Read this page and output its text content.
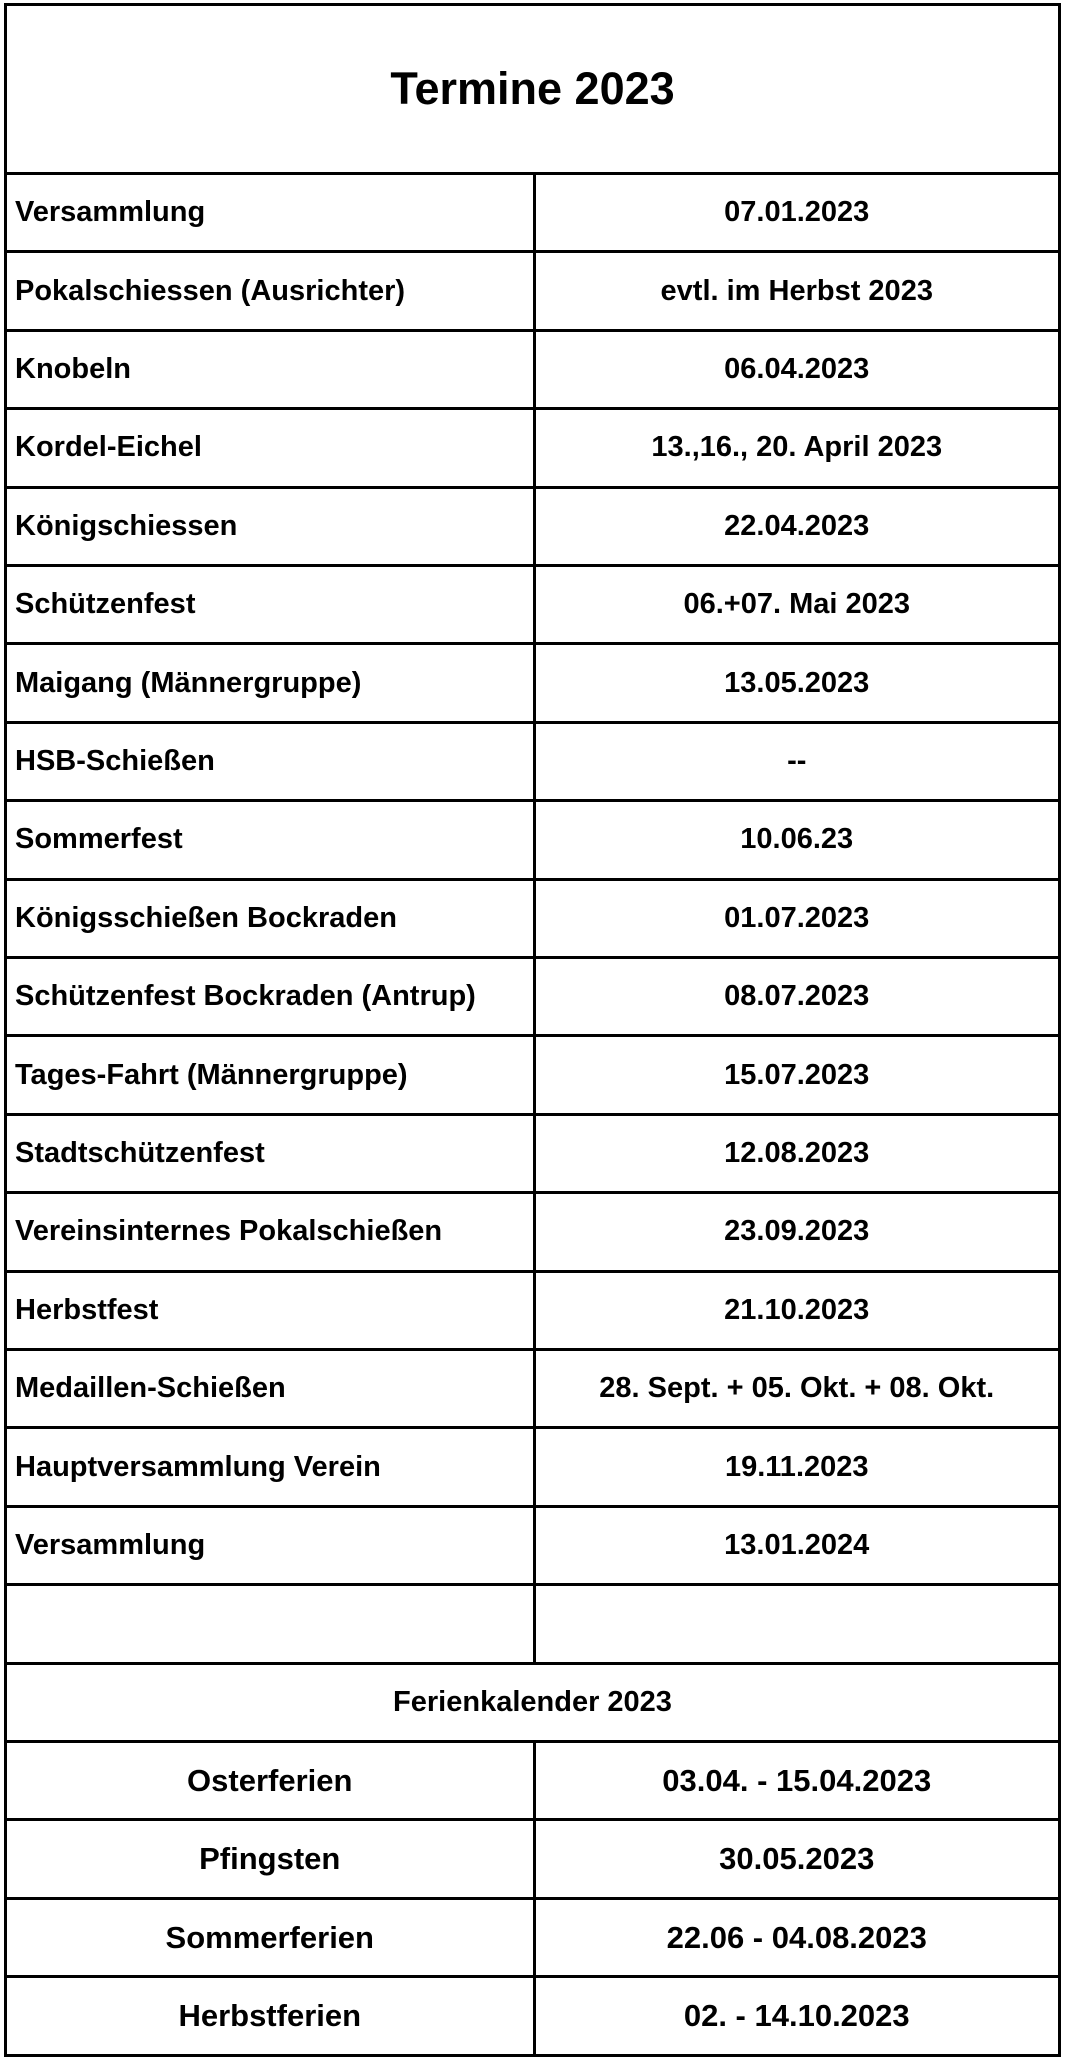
Termine 2023	
Versammlung	07.01.2023
Pokalschiessen (Ausrichter)	evtl. im Herbst 2023
Knobeln	06.04.2023
Kordel-Eichel	13.,16., 20. April 2023
Königschiessen	22.04.2023
Schützenfest	06.+07. Mai 2023
Maigang (Männergruppe)	13.05.2023
HSB-Schießen	--
Sommerfest	10.06.23
Königsschießen Bockraden	01.07.2023
Schützenfest Bockraden (Antrup)	08.07.2023
Tages-Fahrt (Männergruppe)	15.07.2023
Stadtschützenfest	12.08.2023
Vereinsinternes Pokalschießen	23.09.2023
Herbstfest	21.10.2023
Medaillen-Schießen	28. Sept. + 05. Okt. + 08. Okt.
Hauptversammlung Verein	19.11.2023
Versammlung	13.01.2024

Ferienkalender 2023	
Osterferien	03.04. - 15.04.2023
Pfingsten	30.05.2023
Sommerferien	22.06 - 04.08.2023
Herbstferien	02. - 14.10.2023
